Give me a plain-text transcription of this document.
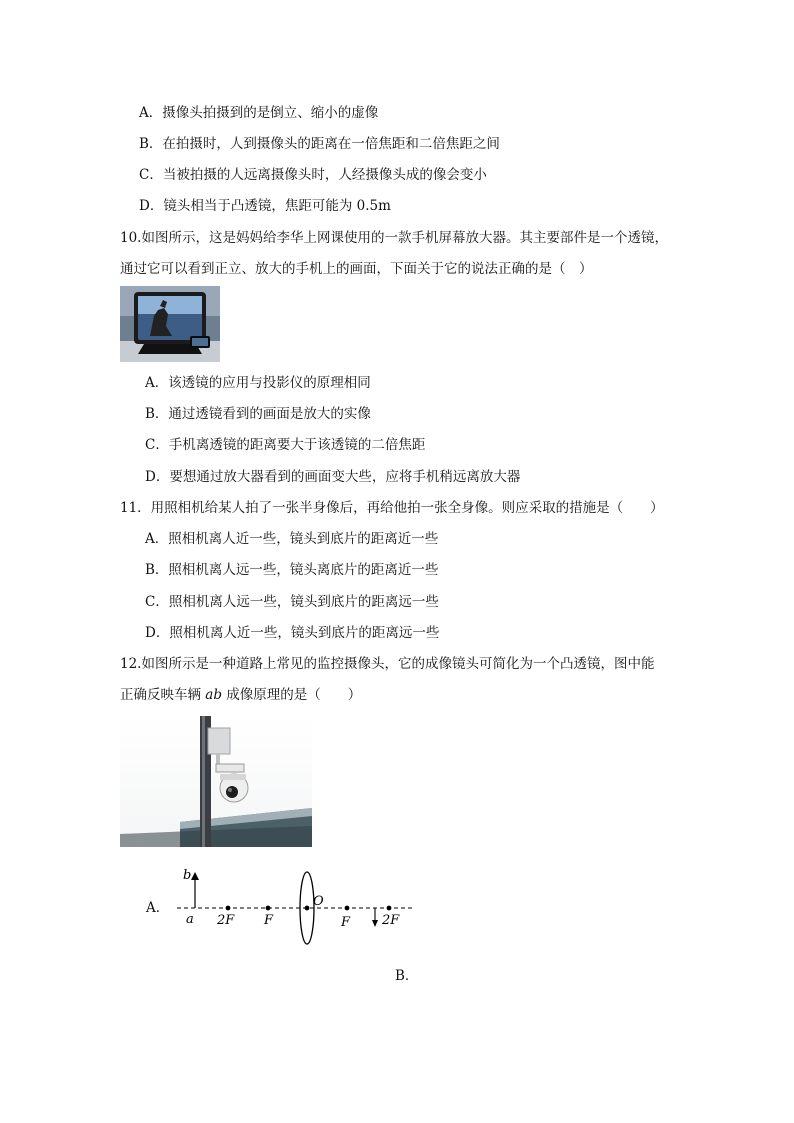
A．摄像头拍摄到的是倒立、缩小的虚像
B．在拍摄时，人到摄像头的距离在一倍焦距和二倍焦距之间
C．当被拍摄的人远离摄像头时，人经摄像头成的像会变小
D．镜头相当于凸透镜，焦距可能为 0.5m
10.如图所示，这是妈妈给李华上网课使用的一款手机屏幕放大器。其主要部件是一个透镜，
通过它可以看到正立、放大的手机上的画面，下面关于它的说法正确的是（　）
A．该透镜的应用与投影仪的原理相同
B．通过透镜看到的画面是放大的实像
C．手机离透镜的距离要大于该透镜的二倍焦距
D．要想通过放大器看到的画面变大些，应将手机稍远离放大器
11．用照相机给某人拍了一张半身像后，再给他拍一张全身像。则应采取的措施是（　　）
A．照相机离人近一些，镜头到底片的距离近一些
B．照相机离人远一些，镜头离底片的距离近一些
C．照相机离人远一些，镜头到底片的距离远一些
D．照相机离人近一些，镜头到底片的距离远一些
12.如图所示是一种道路上常见的监控摄像头，它的成像镜头可简化为一个凸透镜，图中能
正确反映车辆 ab 成像原理的是（　　）
A．
b
a 2F F
O
F 2F
B．
